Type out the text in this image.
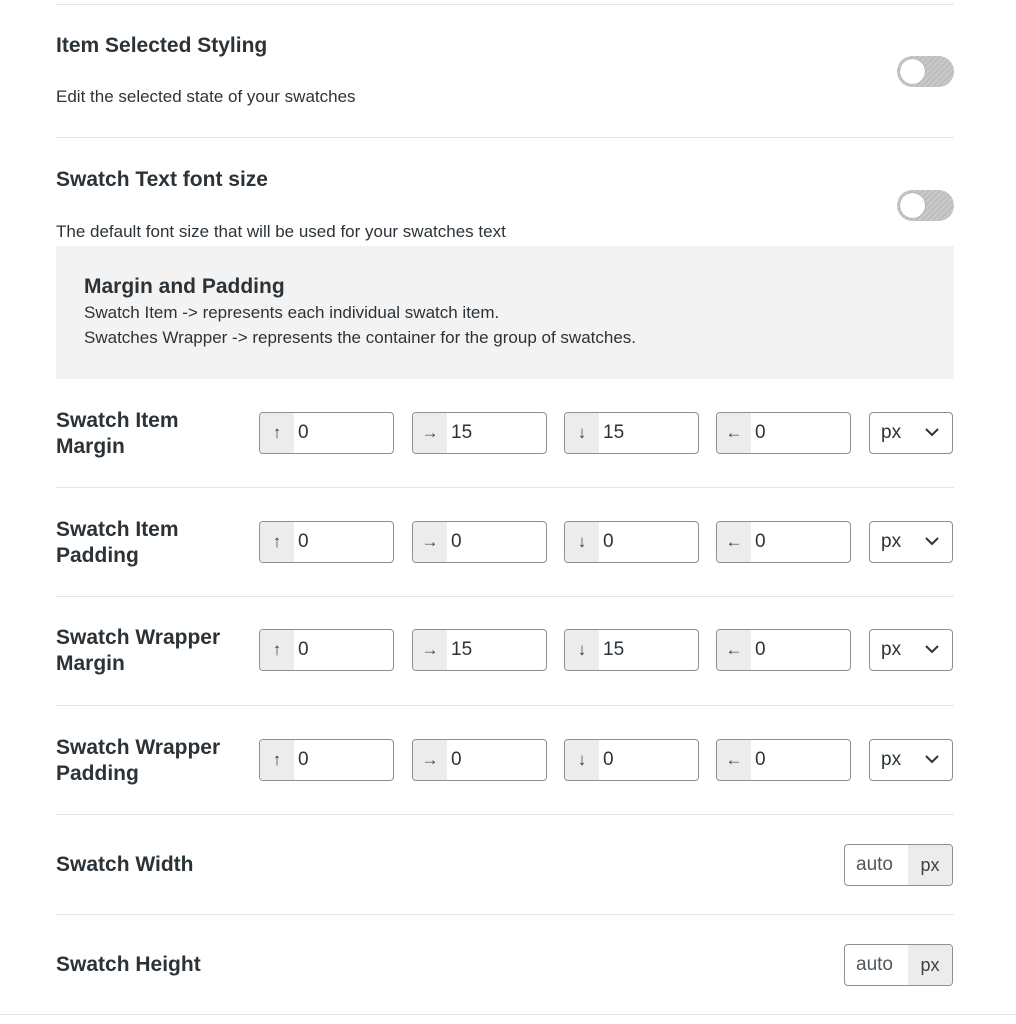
Item Selected Styling
Edit the selected state of your swatches
Swatch Text font size
The default font size that will be used for your swatches text
Margin and Padding
Swatch Item -> represents each individual swatch item.
Swatches Wrapper -> represents the container for the group of swatches.
Swatch Item
Margin
↑ 0	→ 15	↓ 15	← 0	px
Swatch Item
Padding
↑ 0	→ 0	↓ 0	← 0	px
Swatch Wrapper
Margin
↑ 0	→ 15	↓ 15	← 0	px
Swatch Wrapper
Padding
↑ 0	→ 0	↓ 0	← 0	px
Swatch Width	auto	px
Swatch Height	auto	px
